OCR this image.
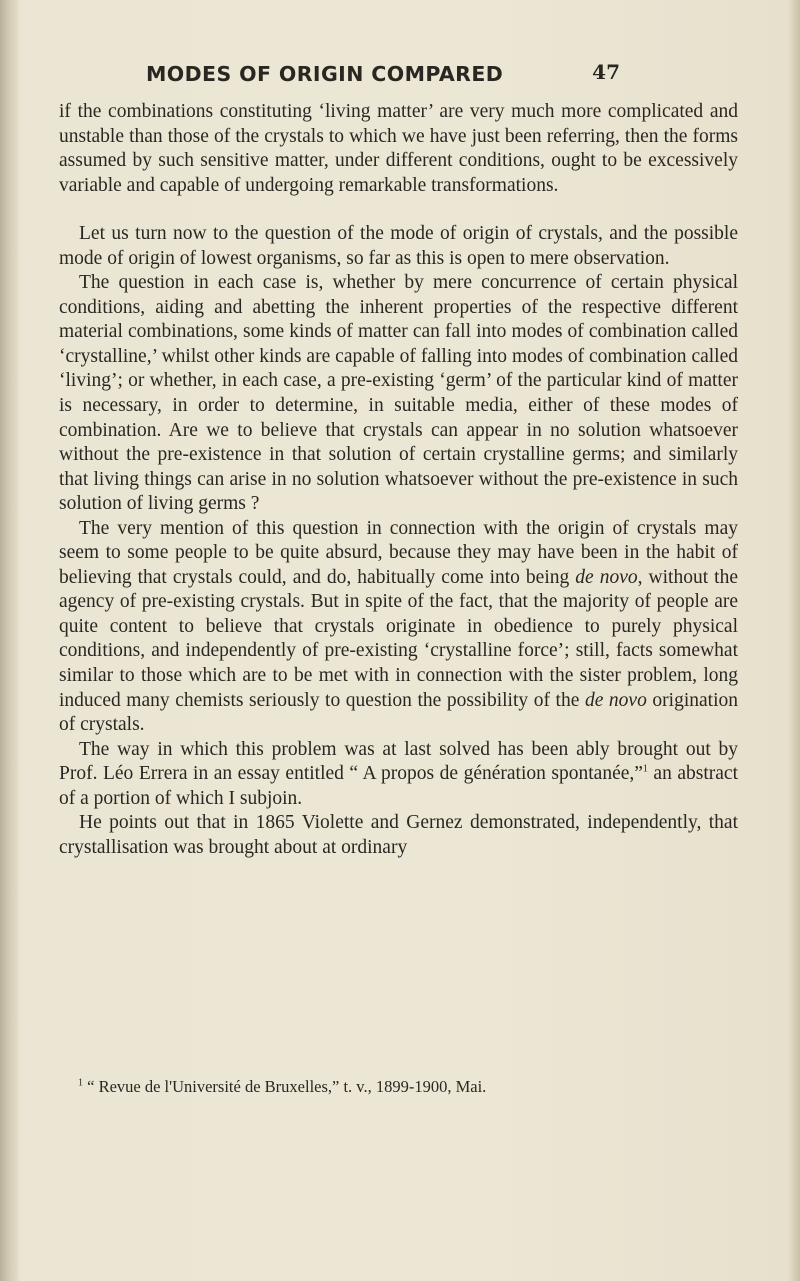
MODES OF ORIGIN COMPARED	47

if the combinations constituting ‘living matter’ are very much more complicated and unstable than those of the crystals to which we have just been referring, then the forms assumed by such sensitive matter, under different conditions, ought to be excessively variable and capable of undergoing remarkable transformations.

Let us turn now to the question of the mode of origin of crystals, and the possible mode of origin of lowest organisms, so far as this is open to mere observation.

The question in each case is, whether by mere concurrence of certain physical conditions, aiding and abetting the inherent properties of the respective different material combinations, some kinds of matter can fall into modes of combination called ‘crystalline,’ whilst other kinds are capable of falling into modes of combination called ‘living’; or whether, in each case, a pre-existing ‘germ’ of the particular kind of matter is necessary, in order to determine, in suitable media, either of these modes of combination. Are we to believe that crystals can appear in no solution whatsoever without the pre-existence in that solution of certain crystalline germs; and similarly that living things can arise in no solution whatsoever without the pre-existence in such solution of living germs ?

The very mention of this question in connection with the origin of crystals may seem to some people to be quite absurd, because they may have been in the habit of believing that crystals could, and do, habitually come into being de novo, without the agency of pre-existing crystals. But in spite of the fact, that the majority of people are quite content to believe that crystals originate in obedience to purely physical conditions, and independently of pre-existing ‘crystalline force’; still, facts somewhat similar to those which are to be met with in connection with the sister problem, long induced many chemists seriously to question the possibility of the de novo origination of crystals.

The way in which this problem was at last solved has been ably brought out by Prof. Léo Errera in an essay entitled “ A propos de génération spontanée,”$^1$ an abstract of a portion of which I subjoin.

He points out that in 1865 Violette and Gernez demonstrated, independently, that crystallisation was brought about at ordinary

$^1$ “ Revue de l'Université de Bruxelles,” t. v., 1899-1900, Mai.
